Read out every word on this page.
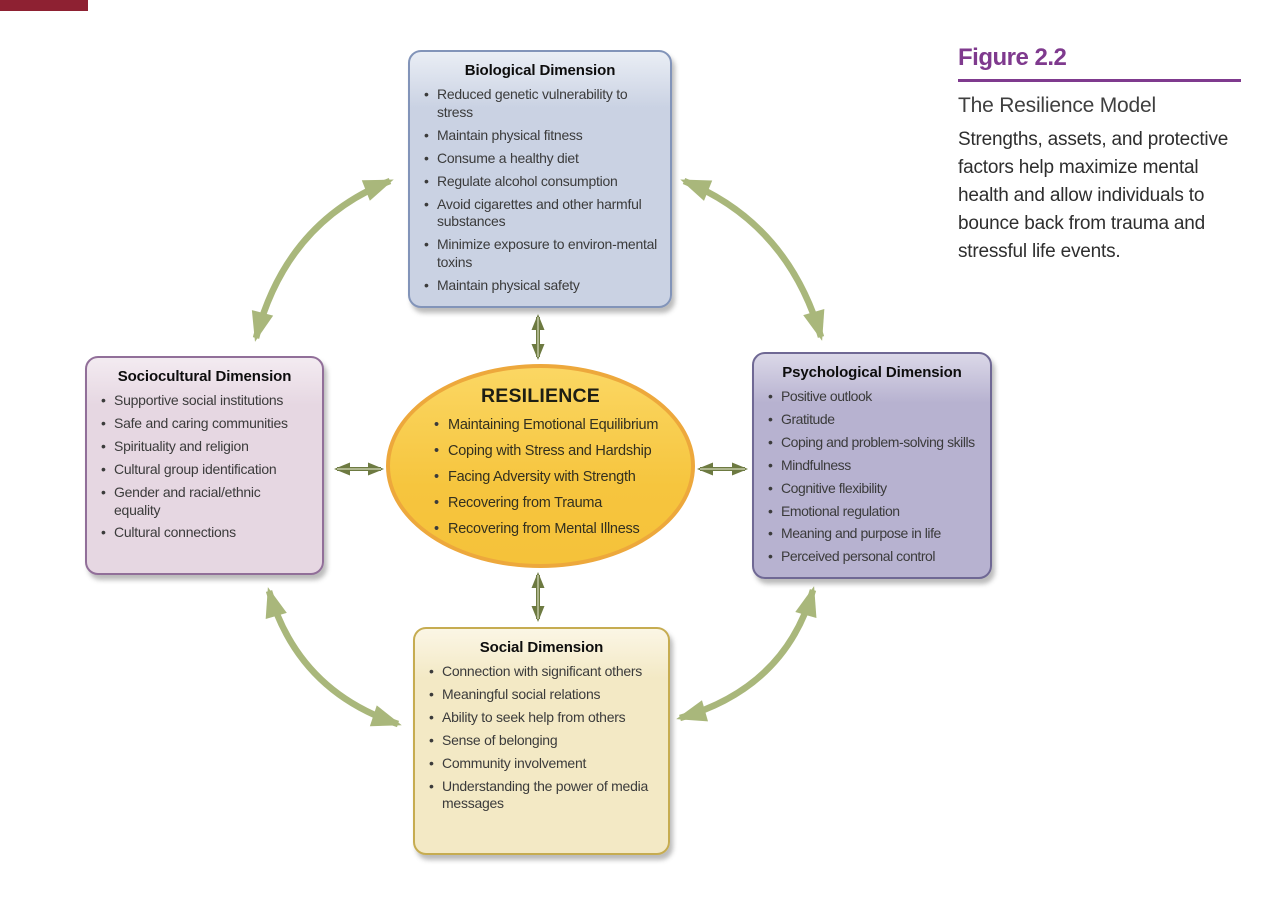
Biological Dimension
• Reduced genetic vulnerability to stress
• Maintain physical fitness
• Consume a healthy diet
• Regulate alcohol consumption
• Avoid cigarettes and other harmful substances
• Minimize exposure to environ-mental toxins
• Maintain physical safety
Sociocultural Dimension
• Supportive social institutions
• Safe and caring communities
• Spirituality and religion
• Cultural group identification
• Gender and racial/ethnic equality
• Cultural connections
Psychological Dimension
• Positive outlook
• Gratitude
• Coping and problem-solving skills
• Mindfulness
• Cognitive flexibility
• Emotional regulation
• Meaning and purpose in life
• Perceived personal control
Social Dimension
• Connection with significant others
• Meaningful social relations
• Ability to seek help from others
• Sense of belonging
• Community involvement
• Understanding the power of media messages
RESILIENCE
• Maintaining Emotional Equilibrium
• Coping with Stress and Hardship
• Facing Adversity with Strength
• Recovering from Trauma
• Recovering from Mental Illness
Figure 2.2
The Resilience Model
Strengths, assets, and protective factors help maximize mental health and allow individuals to bounce back from trauma and stressful life events.
